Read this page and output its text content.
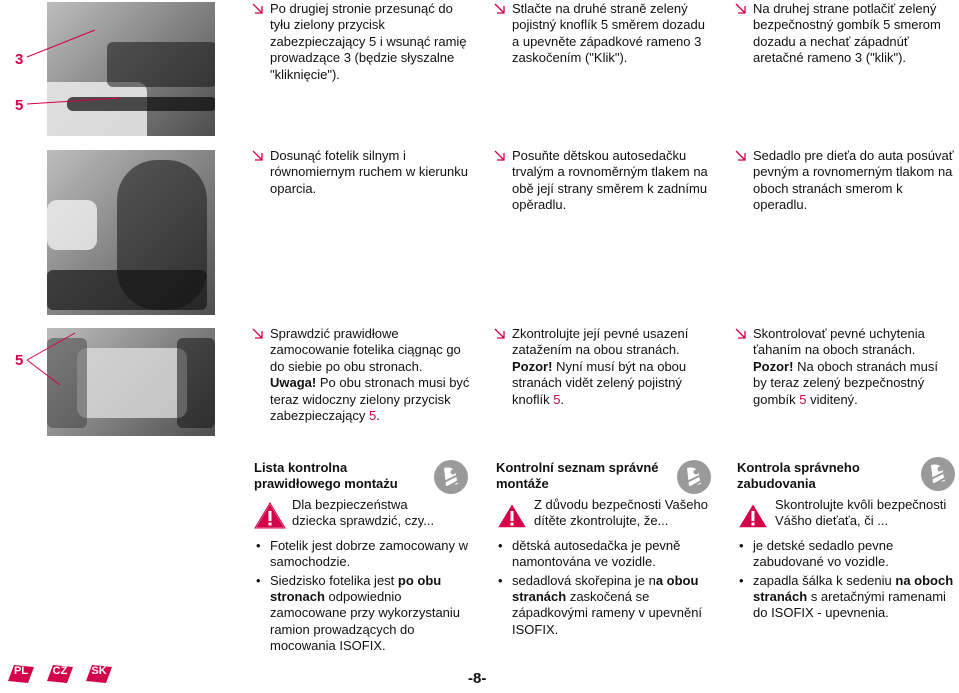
3
5
5
Po drugiej stronie przesunąć do tyłu zielony przycisk zabezpieczający 5 i wsunąć ramię prowadzące 3 (będzie słyszalne "kliknięcie").
Stlačte na druhé straně zelený pojistný knoflík 5 směrem dozadu a upevněte západkové rameno 3 zaskočením ("Klik").
Na druhej strane potlačiť zelený bezpečnostný gombík 5 smerom dozadu a nechať západnúť aretačné rameno 3 ("klik").
Dosunąć fotelik silnym i równomiernym ruchem w kierunku oparcia.
Posuňte dětskou autosedačku trvalým a rovnoměrným tlakem na obě její strany směrem k zadnímu opěradlu.
Sedadlo pre dieťa do auta posúvať pevným a rovnomerným tlakom na oboch stranách smerom k operadlu.
Sprawdzić prawidłowe zamocowanie fotelika ciągnąc go do siebie po obu stronach. Uwaga! Po obu stronach musi być teraz widoczny zielony przycisk zabezpieczający 5.
Zkontrolujte její pevné usazení zatažením na obou stranách. Pozor! Nyní musí být na obou stranách vidět zelený pojistný knoflík 5.
Skontrolovať pevné uchytenia ťahaním na oboch stranách. Pozor! Na oboch stranách musí by teraz zelený bezpečnostný gombík 5 viditený.
Lista kontrolna prawidłowego montażu
Dla bezpieczeństwa dziecka sprawdzić, czy...
• Fotelik jest dobrze zamocowany w samochodzie.
• Siedzisko fotelika jest po obu stronach odpowiednio zamocowane przy wykorzystaniu ramion prowadzących do mocowania ISOFIX.
Kontrolní seznam správné montáže
Z důvodu bezpečnosti Vašeho dítěte zkontrolujte, že...
• dětská autosedačka je pevně namontována ve vozidle.
• sedadlová skořepina je na obou stranách zaskočená se západkovými rameny v upevnění ISOFIX.
Kontrola správneho zabudovania
Skontrolujte kvôli bezpečnosti Vášho dieťaťa, či ...
• je detské sedadlo pevne zabudované vo vozidle.
• zapadla šálka k sedeniu na oboch stranách s aretačnými ramenami do ISOFIX - upevnenia.
PL	CZ	SK	-8-
